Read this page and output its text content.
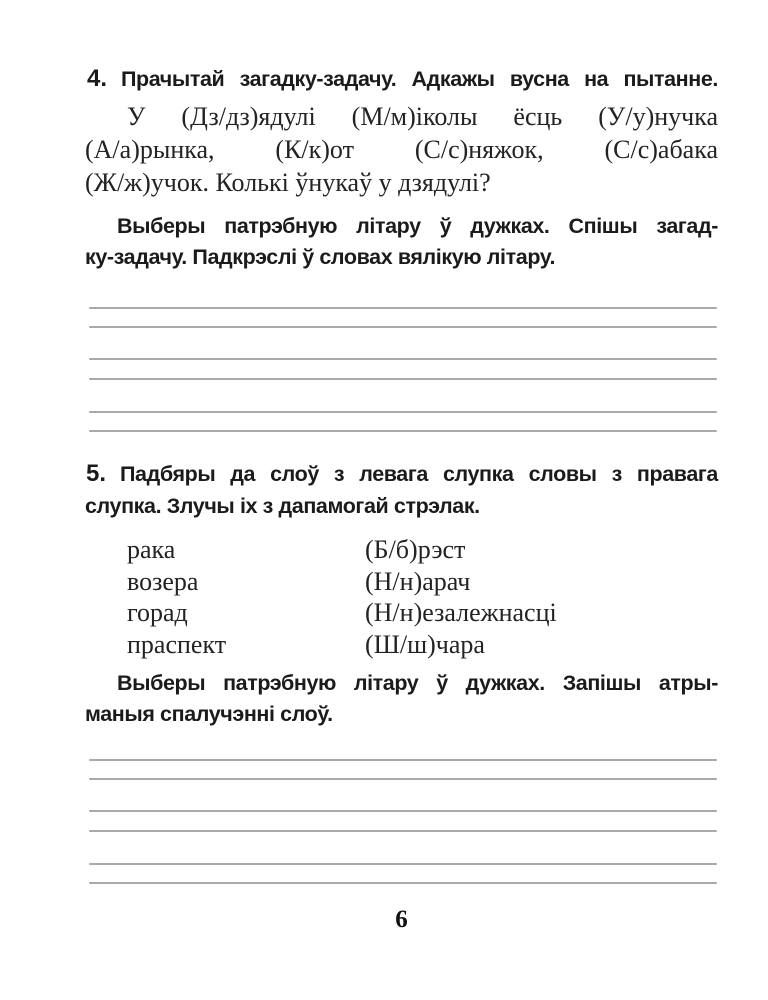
4. Прачытай загадку-задачу. Адкажы вусна на пытанне.
У (Дз/дз)ядулі (М/м)іколы ёсць (У/у)нучка
(А/а)рынка, (К/к)от (С/с)няжок, (С/с)абака
(Ж/ж)учок. Колькі ўнукаў у дзядулі?
Выберы патрэбную літару ў дужках. Спішы загад-
ку-задачу. Падкрэслі ў словах вялікую літару.
5. Падбяры да слоў з левага слупка словы з правага
слупка. Злучы іх з дапамогай стрэлак.
рака	(Б/б)рэст
возера	(Н/н)арач
горад	(Н/н)езалежнасці
праспект	(Ш/ш)чара
Выберы патрэбную літару ў дужках. Запішы атры-
маныя спалучэнні слоў.
6
